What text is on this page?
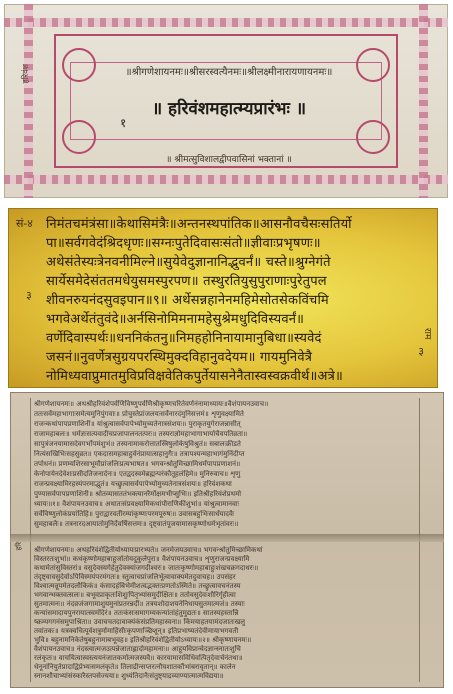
हरिवंश	॥श्रीगणेशायनमः॥श्रीसरस्वत्यैनमः॥श्रीलक्ष्मीनारायणायनमः॥
१
॥ हरिवंशमहात्म्यप्रारंभः ॥
॥ श्रीमत्सुविशालद्वीपवासिनां भक्तानां ॥
सं-४
३
३
राम
निमंतचमंत्रंसा॥केथासिमंत्रैः॥अन्तनस्थपांतिक॥आसनौवचैसःसतिर्यो
पा॥सर्वगवेदंश्रिदधृणः॥सग्नःपुतेदिवासःसंतो॥ज्ञीवाःप्रभृषणः॥
अथेसंतेस्यःत्रेनवनीमिल्ने॥सुयेवेदुज्ञानानिद्भुवर्नं॥ चस्ते॥श्रुग्नेगंते
सार्येसमेदेसंततमधेयुसमस्पुरपण॥ तस्थुरतियुसुपुराणाःपुरेतुपल
शीवनरुयनंदसुवइपान॥९॥ अर्थेसन्नहानेनमहिमेसोतसेकविंचमि
भगवेअर्थेतंतुवंदे॥अर्नसिनोमिमनामहेसुश्रेमधुदिविस्यवर्नं॥
वर्णेदिवास्पर्थः॥धननिकंतनु॥निमहहोनिनायामानुबिधा॥स्यवेदं
जसनं॥नुवर्णेत्रसुग्रयपरस्थिमुक्दविहानुवदेयम॥ गायमुनिवेत्रै
नोमिध्यवाप्रुमातमुविप्रविक्षवेतिकपुर्तेयासनेनैतास्वस्वक्रवीर्थ॥अत्रे॥
हरि
श्रीगणेशायनमः॥ अथश्रीहरिवंशेपर्वणिविष्णुपर्वणिश्रीकृष्णचरितेवर्णनंनामाध्यायः॥वैशंपायनउवाच॥
ततःसर्वेमहाभागाःसमेत्यमुनिपुंगवाः॥ प्रोचुस्तेप्रांजलयःसर्वेनारदंमुनिसत्तमं॥ शृणुवक्ष्यामिते
राजन्कथांपापप्रणाशिनीं॥ यांश्रुत्वासर्वपापेभ्योमुच्यतेनात्रसंशयः॥ पुराकृतयुगेराजन्नासीत्
राजामहाबलः॥ धर्मज्ञःसत्यवादीचप्रजापालनतत्परः॥ तस्यराज्ञोमहाभागाभार्याचैवपतिव्रता॥
सापुत्रंजनयामासदेवगर्भोपमंशुभं॥ तस्यनामाकरोत्तातस्त्रिषुलोकेषुविश्रुतं॥ सबालःक्रीडते
नित्यंसखिभिःसहसुव्रत॥ एकदासमहाबाहुर्वनंप्रायात्सहानुगैः॥ तत्रापश्यन्महाभागंमुनिंदीप्त
तपोधनं॥ प्रणम्यशिरसाभूमौप्रांजलिःप्रत्यभाषत॥ भगवन्श्रोतुमिच्छामिधर्मंपापप्रणाशनं॥
केनोपायेनदेवेशःप्रसीदतिजनार्दनः॥ एतद्वदस्वमेब्रह्मन्परंकौतूहलंहिमे॥ मुनिरुवाच॥ शृणु
राजन्प्रवक्ष्यामिरहस्यंपरमाद्भुतं॥ यच्छ्रुत्वासर्वपापेभ्योमुच्यतेनात्रसंशयः॥ हरिवंशकथा
पुण्यासर्वपापप्रणाशिनी॥ श्रोतव्यासततंभक्त्यानरैर्मोक्षमभीप्सुभिः॥ इतिश्रीहरिवंशेप्रथमो
ध्यायः॥१॥ वैशंपायनउवाच॥ अथातःसंप्रवक्ष्यामिकथांपौराणिकींशुभां॥ यांश्रुत्वामानवाः
सर्वेविष्णुलोकंप्रयांतिहि॥ पुराद्वारवतींरम्यांकृष्णःपरमपूरुषः॥ उवासबहुभिःसार्धंयादवैः
सुमहाबलैः॥ तत्रनारदआयातोमुनिर्देवर्षिसत्तमः॥ दृष्ट्वातंपूजयामासकृष्णोधर्मभृतांवरः॥
श्रीगणेशायनमः॥ अथहरिवंशेद्वितीयोध्यायःप्रारभ्यते॥ जनमेजयउवाच॥ भगवन्श्रोतुमिच्छामिकथां
विस्तरतःशुभां॥ कथंकृष्णोमहाबाहुर्जातोयदुकुलेपुरा॥ वैशंपायनउवाच॥ शृणुराजन्प्रवक्ष्यामि
कथामेतांसुविस्तरां॥ वसुदेवस्यगेहेतुदेवक्यांजगदीश्वरः॥ जातःकृष्णोमहाबाहुःशंखचक्रगदाधरः॥
तंदृष्ट्वावसुदेवोऽपिविस्मयंपरमंगतः॥ स्तुत्वाचप्रांजलिर्भूत्वावाक्यमेतदुवाचह॥ उपसंहर
विश्वात्मन्रूपमेतदलौकिकं॥ कंसादहंबिभेमीशत्वद्भक्तःप्रणतोऽस्मिते॥ तच्छ्रुत्वावचनंतस्य
भगवान्भक्तवत्सलः॥ बभूवप्राकृतःशिशुःपितृभ्यांसमुदीक्षितः॥ ततोवसुदेवःशौरिर्गृहीत्वा
सुतमात्मनः॥ नंदव्रजंजगामाशुयमुनांप्रतरन्नदीं॥ तत्रयशोदाशयनेनिधायसुतमात्मजं॥ तस्याः
कन्यांसमादायपुनरायात्स्वमंदिरं॥ ततःकंसःसमागम्यकन्यांतांहंतुमुद्यतः॥ सातस्यहस्तान्नि
ष्क्रम्यगगनंसमुपाश्रिता॥ उवाचचतदावाक्यंकंसंप्रतिमहास्वना॥ किंमयाहतयामंदजातःखलु
तवांतकः॥ यत्रक्वचित्पूर्वशत्रुर्मामाहिंसीःकृपणाञ्छिशून्॥ इतिप्रभाष्यतंदेवीमायाभगवती
भुवि॥ बहुनामनिकेतेषुबहुनामाबभूवह॥ इतिश्रीहरिवंशेद्वितीयोऽध्यायः॥२॥ श्रीकृष्णायनमः॥
वैशंपायनउवाच॥ नंदस्त्वात्मजउत्पन्नेजाताह्लादोमहामनाः॥ आहूयविप्रान्वेदज्ञान्स्नातःशुचि
रलंकृतः॥ वाचयित्वास्वस्त्ययनंजातकर्मात्मजस्यवै॥ कारयामासविधिवत्पितृदेवार्चनंतथा॥
धेनूनांनियुतेप्रादाद्विप्रेभ्यःसमलंकृते॥ तिलाद्रीन्सप्तरत्नौघशातकौंभांबरावृतान्॥ कालेन
स्नानशौचाभ्यांसंस्कारैस्तपसेज्यया॥ शुध्यंतिदानैःसंतुष्ट्याद्रव्याण्यात्मात्मविद्यया॥
